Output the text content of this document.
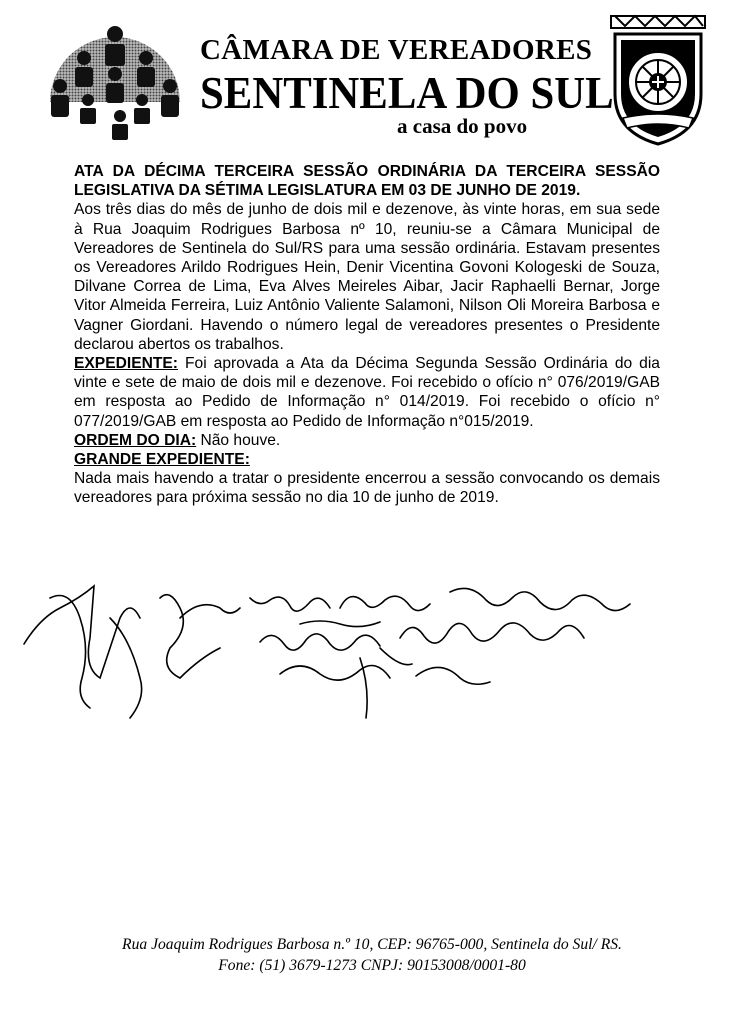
CÂMARA DE VEREADORES
SENTINELA DO SUL
a casa do povo

ATA DA DÉCIMA TERCEIRA SESSÃO ORDINÁRIA DA TERCEIRA SESSÃO LEGISLATIVA DA SÉTIMA LEGISLATURA EM 03 DE JUNHO DE 2019.

Aos três dias do mês de junho de dois mil e dezenove, às vinte horas, em sua sede à Rua Joaquim Rodrigues Barbosa nº 10, reuniu-se a Câmara Municipal de Vereadores de Sentinela do Sul/RS para uma sessão ordinária. Estavam presentes os Vereadores Arildo Rodrigues Hein, Denir Vicentina Govoni Kologeski de Souza, Dilvane Correa de Lima, Eva Alves Meireles Aibar, Jacir Raphaelli Bernar, Jorge Vitor Almeida Ferreira, Luiz Antônio Valiente Salamoni, Nilson Oli Moreira Barbosa e Vagner Giordani. Havendo o número legal de vereadores presentes o Presidente declarou abertos os trabalhos.

EXPEDIENTE: Foi aprovada a Ata da Décima Segunda Sessão Ordinária do dia vinte e sete de maio de dois mil e dezenove. Foi recebido o ofício n° 076/2019/GAB em resposta ao Pedido de Informação n° 014/2019. Foi recebido o ofício n° 077/2019/GAB em resposta ao Pedido de Informação n°015/2019.

ORDEM DO DIA: Não houve.

GRANDE EXPEDIENTE:

Nada mais havendo a tratar o presidente encerrou a sessão convocando os demais vereadores para próxima sessão no dia 10 de junho de 2019.

Rua Joaquim Rodrigues Barbosa n.º 10, CEP: 96765-000, Sentinela do Sul/ RS.
Fone: (51) 3679-1273 CNPJ: 90153008/0001-80
